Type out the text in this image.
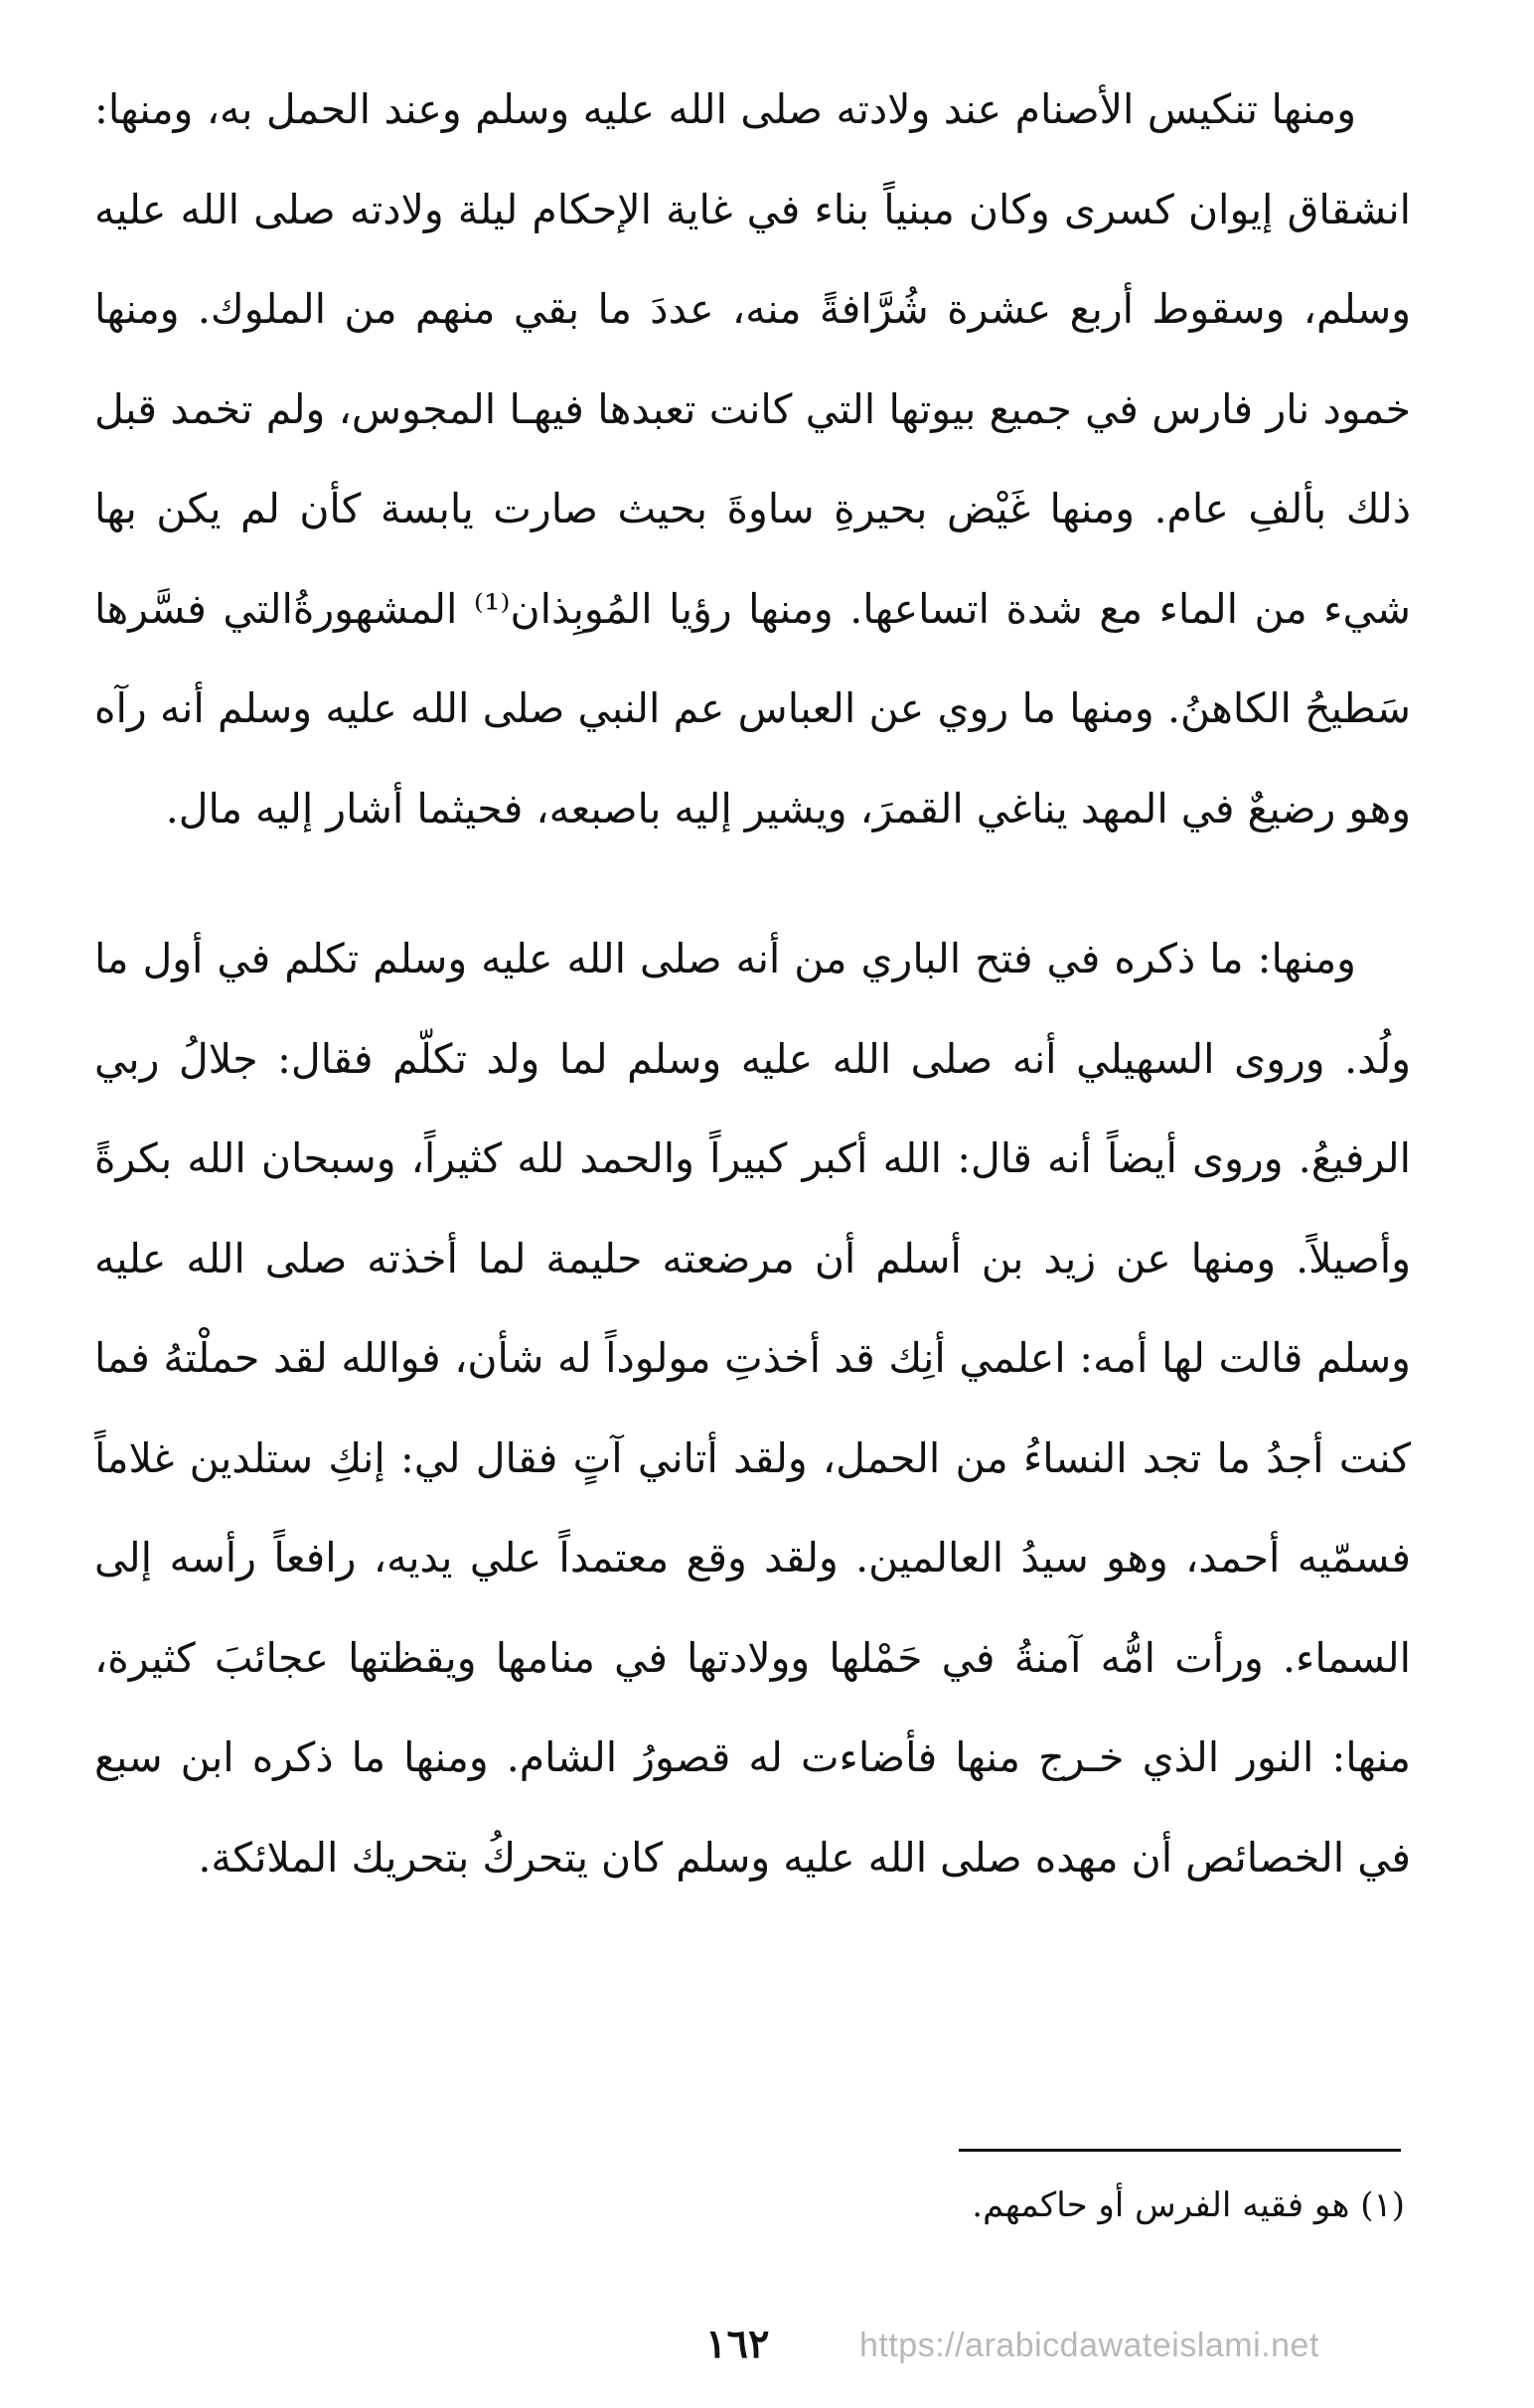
ومنها تنكيس الأصنام عند ولادته صلى الله عليه وسلم وعند الحمل به، ومنها: انشقاق إيوان كسرى وكان مبنياً بناء في غاية الإحكام ليلة ولادته صلى الله عليه وسلم، وسقوط أربع عشرة شُرَّافةً منه، عددَ ما بقي منهم من الملوك. ومنها خمود نار فارس في جميع بيوتها التي كانت تعبدها فيهـا المجوس، ولم تخمد قبل ذلك بألفِ عام. ومنها غَيْض بحيرةِ ساوةَ بحيث صارت يابسة كأن لم يكن بها شيء من الماء مع شدة اتساعها. ومنها رؤيا المُوبِذان⁽¹⁾ المشهورةُالتي فسَّرها سَطيحُ الكاهنُ. ومنها ما روي عن العباس عم النبي صلى الله عليه وسلم أنه رآه وهو رضيعٌ في المهد يناغي القمرَ، ويشير إليه باصبعه، فحيثما أشار إليه مال.

ومنها: ما ذكره في فتح الباري من أنه صلى الله عليه وسلم تكلم في أول ما ولُد. وروى السهيلي أنه صلى الله عليه وسلم لما ولد تكلّم فقال: جلالُ ربي الرفيعُ. وروى أيضاً أنه قال: الله أكبر كبيراً والحمد لله كثيراً، وسبحان الله بكرةً وأصيلاً. ومنها عن زيد بن أسلم أن مرضعته حليمة لما أخذته صلى الله عليه وسلم قالت لها أمه: اعلمي أنِك قد أخذتِ مولوداً له شأن، فوالله لقد حملْتهُ فما كنت أجدُ ما تجد النساءُ من الحمل، ولقد أتاني آتٍ فقال لي: إنكِ ستلدين غلاماً فسمّيه أحمد، وهو سيدُ العالمين. ولقد وقع معتمداً علي يديه، رافعاً رأسه إلى السماء. ورأت امُّه آمنةُ في حَمْلها وولادتها في منامها ويقظتها عجائبَ كثيرة، منها: النور الذي خـرج منها فأضاءت له قصورُ الشام. ومنها ما ذكره ابن سبع في الخصائص أن مهده صلى الله عليه وسلم كان يتحركُ بتحريك الملائكة.

(١) هو فقيه الفرس أو حاكمهم.
١٦٢	https://arabicdawateislami.net
